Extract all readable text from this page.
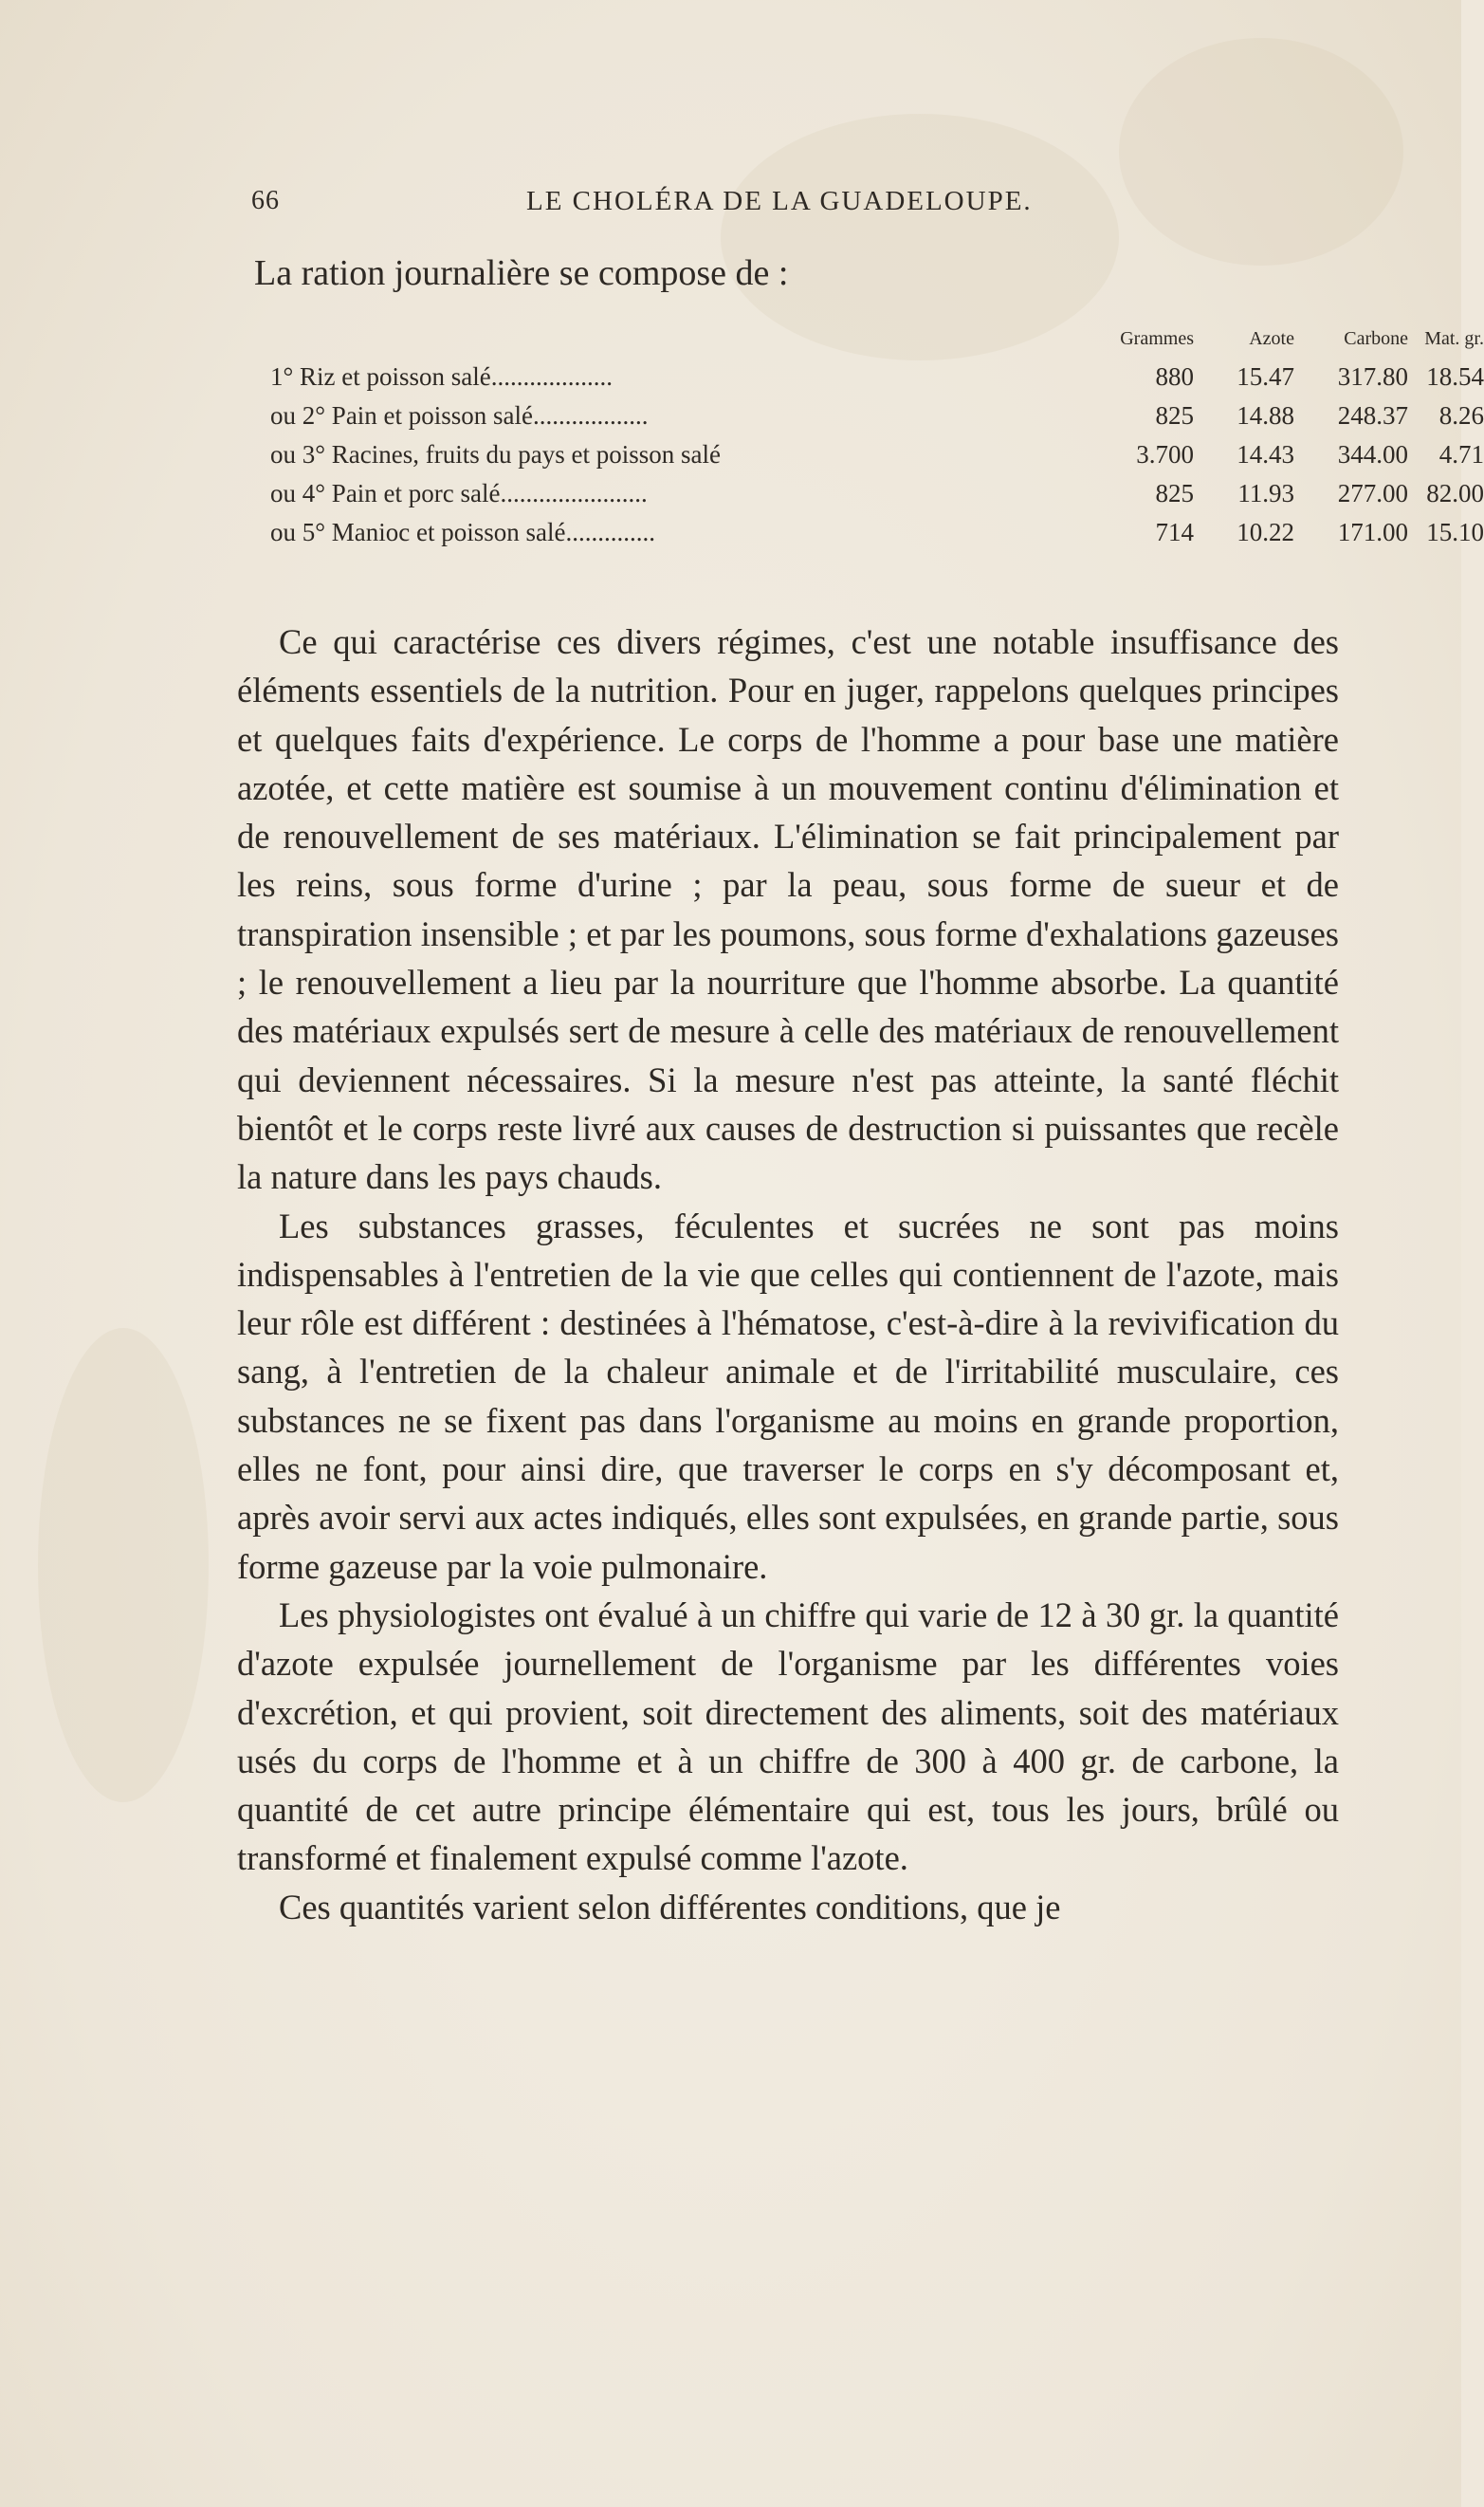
66	LE CHOLÉRA DE LA GUADELOUPE.
La ration journalière se compose de :
Grammes	Azote	Carbone Mat. gr.
1° Riz et poisson salé...................	880	15.47	317.80 18.54
ou 2° Pain et poisson salé..................	825	14.88	248.37	8.26
ou 3° Racines, fruits du pays et poisson salé	3.700	14.43	344.00	4.71
ou 4° Pain et porc salé.......................	825	11.93	277.00 82.00
ou 5° Manioc et poisson salé..............	714	10.22	171.00 15.10

Ce qui caractérise ces divers régimes, c'est une notable insuffisance des éléments essentiels de la nutrition. Pour en juger, rappelons quelques principes et quelques faits d'expérience. Le corps de l'homme a pour base une matière azotée, et cette matière est soumise à un mouvement continu d'élimination et de renouvellement de ses matériaux. L'élimination se fait principalement par les reins, sous forme d'urine ; par la peau, sous forme de sueur et de transpiration insensible ; et par les poumons, sous forme d'exhalations gazeuses ; le renouvellement a lieu par la nourriture que l'homme absorbe. La quantité des matériaux expulsés sert de mesure à celle des matériaux de renouvellement qui deviennent nécessaires. Si la mesure n'est pas atteinte, la santé fléchit bientôt et le corps reste livré aux causes de destruction si puissantes que recèle la nature dans les pays chauds.

Les substances grasses, féculentes et sucrées ne sont pas moins indispensables à l'entretien de la vie que celles qui contiennent de l'azote, mais leur rôle est différent : destinées à l'hématose, c'est-à-dire à la revivification du sang, à l'entretien de la chaleur animale et de l'irritabilité musculaire, ces substances ne se fixent pas dans l'organisme au moins en grande proportion, elles ne font, pour ainsi dire, que traverser le corps en s'y décomposant et, après avoir servi aux actes indiqués, elles sont expulsées, en grande partie, sous forme gazeuse par la voie pulmonaire.

Les physiologistes ont évalué à un chiffre qui varie de 12 à 30 gr. la quantité d'azote expulsée journellement de l'organisme par les différentes voies d'excrétion, et qui provient, soit directement des aliments, soit des matériaux usés du corps de l'homme et à un chiffre de 300 à 400 gr. de carbone, la quantité de cet autre principe élémentaire qui est, tous les jours, brûlé ou transformé et finalement expulsé comme l'azote.

Ces quantités varient selon différentes conditions, que je
